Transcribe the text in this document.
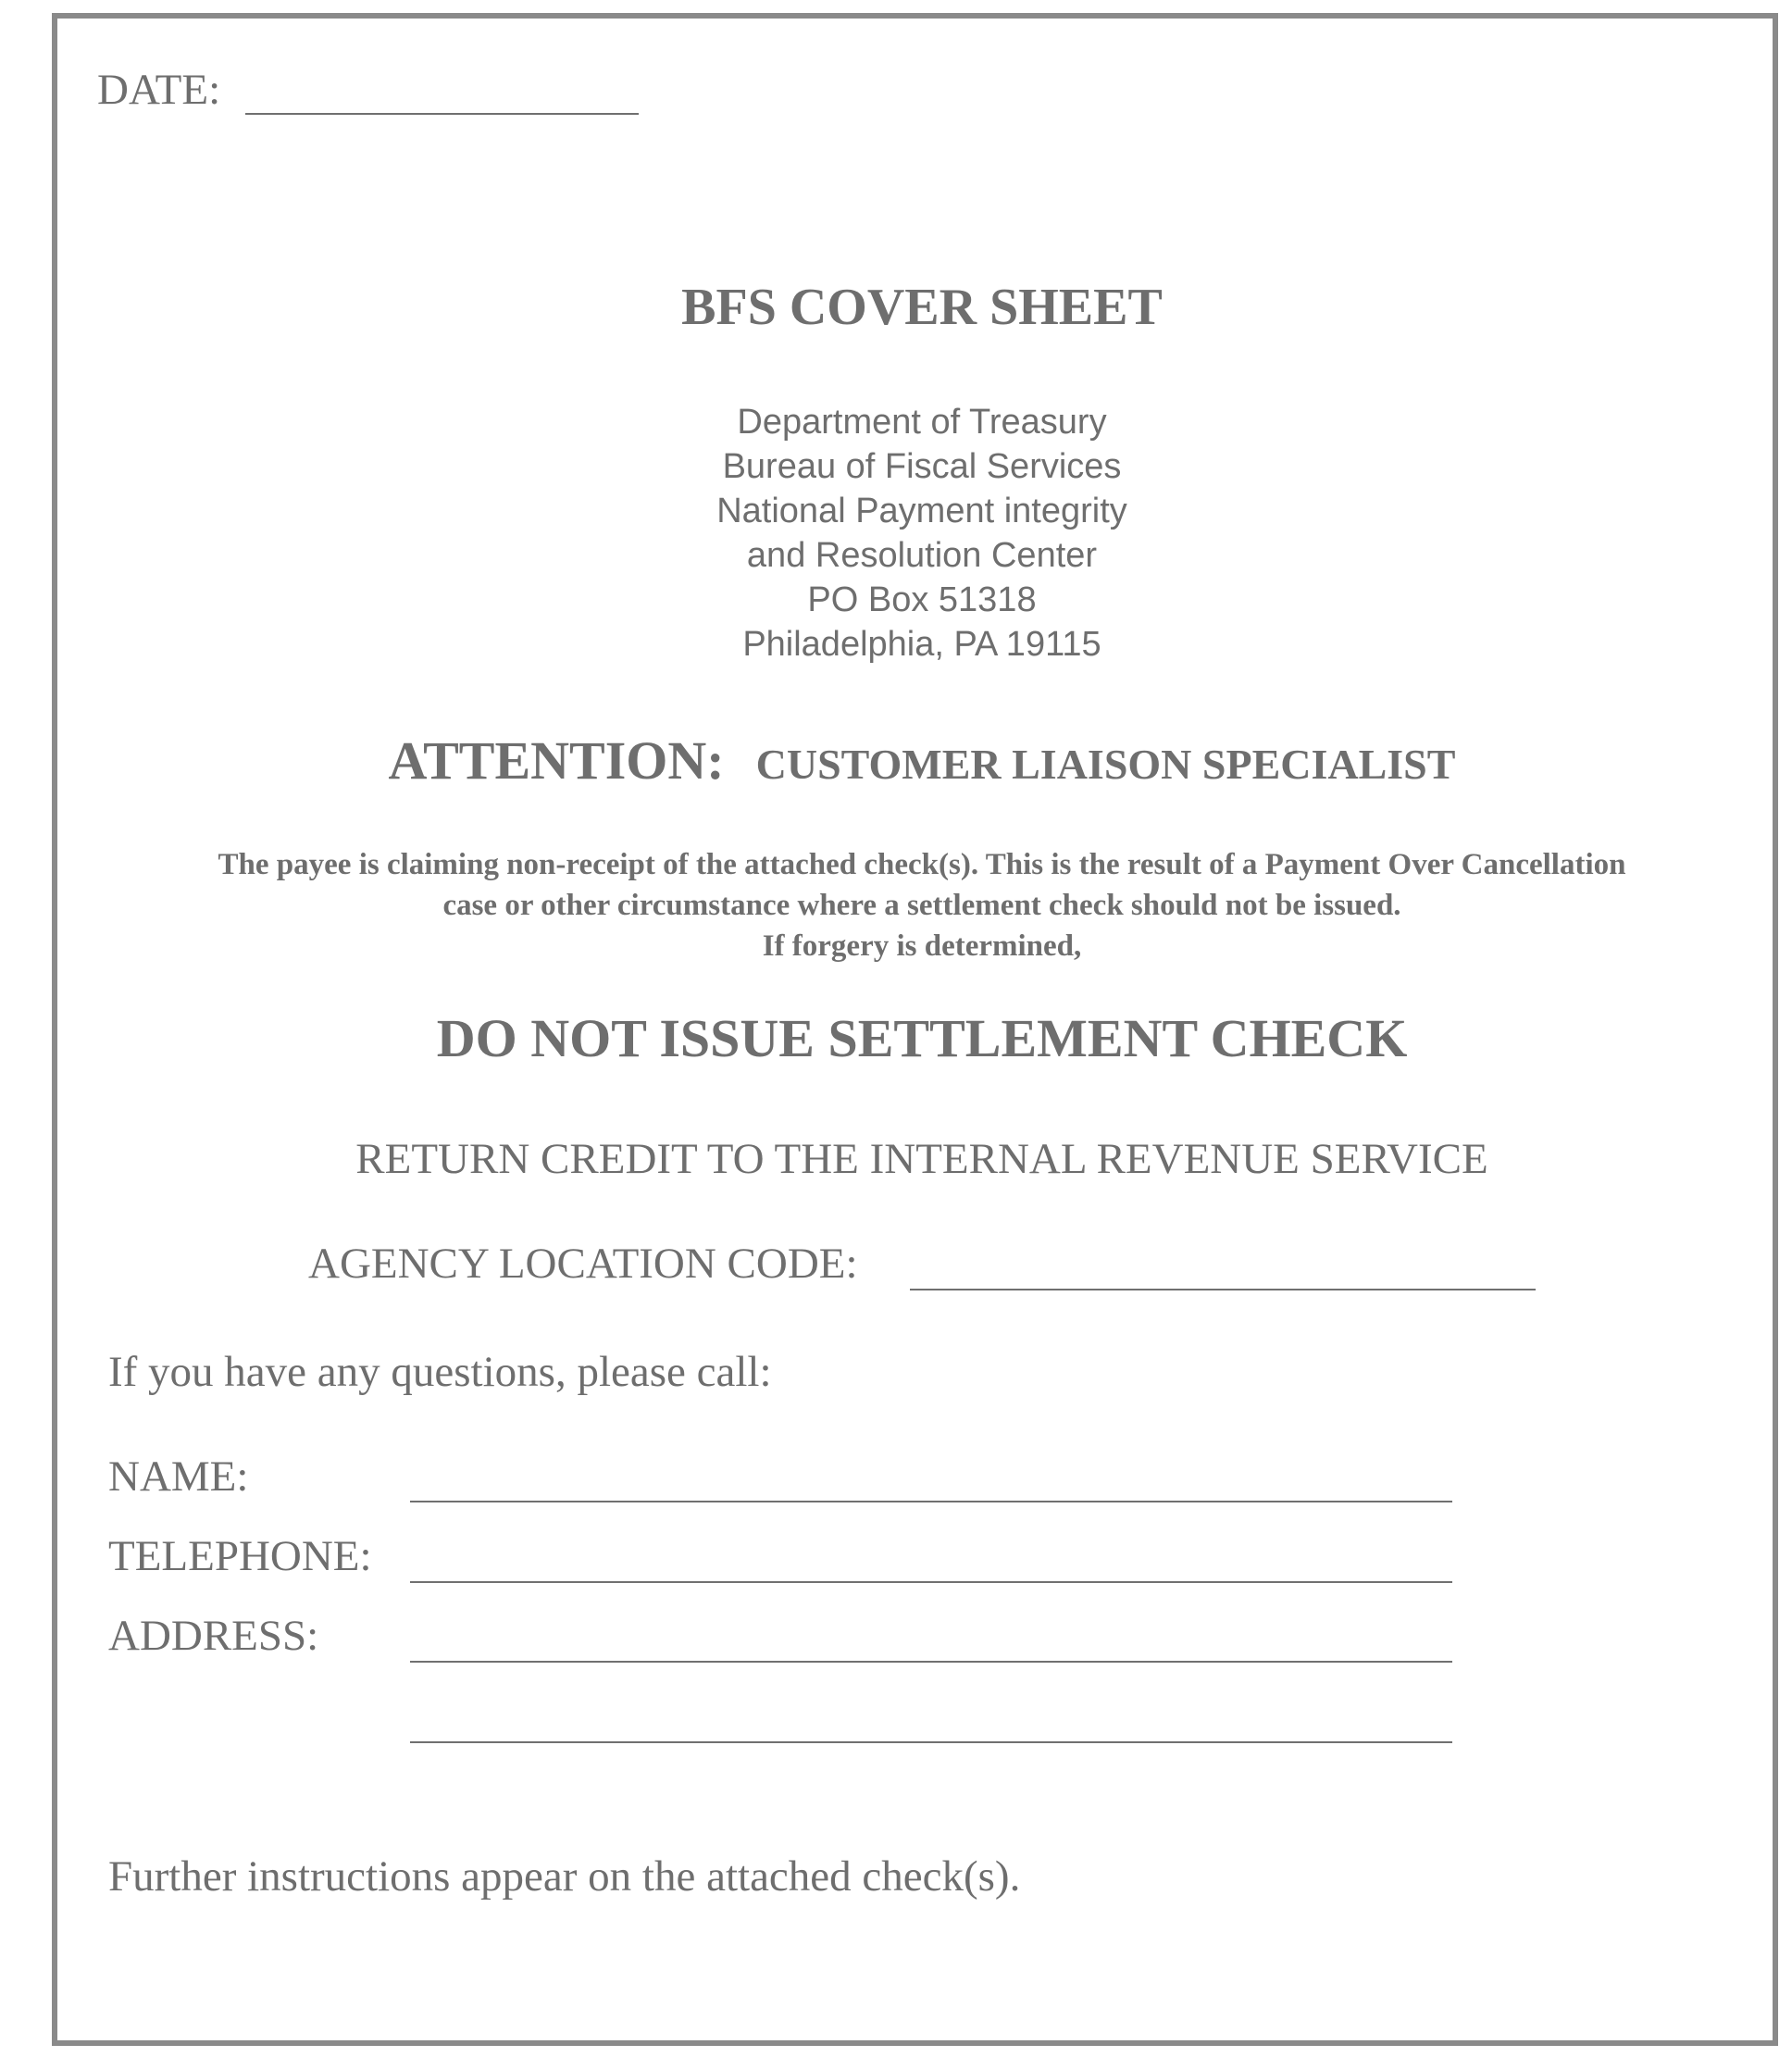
DATE:
BFS COVER SHEET
Department of Treasury
Bureau of Fiscal Services
National Payment integrity
and Resolution Center
PO Box 51318
Philadelphia, PA 19115
ATTENTION: CUSTOMER LIAISON SPECIALIST
The payee is claiming non-receipt of the attached check(s). This is the result of a Payment Over Cancellation
case or other circumstance where a settlement check should not be issued.
If forgery is determined,
DO NOT ISSUE SETTLEMENT CHECK
RETURN CREDIT TO THE INTERNAL REVENUE SERVICE
AGENCY LOCATION CODE:
If you have any questions, please call:
NAME:
TELEPHONE:
ADDRESS:
Further instructions appear on the attached check(s).
